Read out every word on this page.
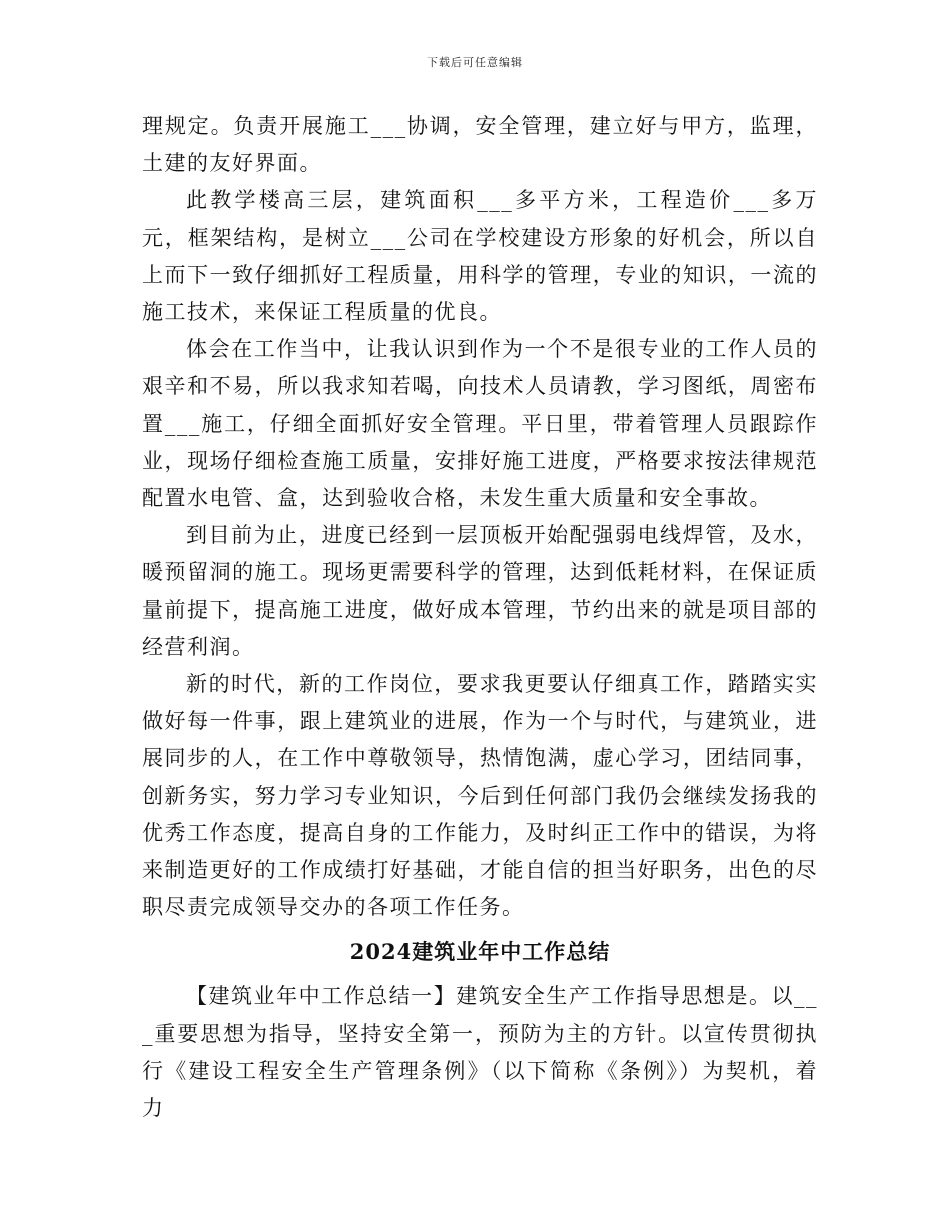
下载后可任意编辑

理规定。负责开展施工___协调，安全管理，建立好与甲方，监理，土建的友好界面。

此教学楼高三层，建筑面积___多平方米，工程造价___多万元，框架结构，是树立___公司在学校建设方形象的好机会，所以自上而下一致仔细抓好工程质量，用科学的管理，专业的知识，一流的施工技术，来保证工程质量的优良。

体会在工作当中，让我认识到作为一个不是很专业的工作人员的艰辛和不易，所以我求知若喝，向技术人员请教，学习图纸，周密布置___施工，仔细全面抓好安全管理。平日里，带着管理人员跟踪作业，现场仔细检查施工质量，安排好施工进度，严格要求按法律规范配置水电管、盒，达到验收合格，未发生重大质量和安全事故。

到目前为止，进度已经到一层顶板开始配强弱电线焊管，及水，暖预留洞的施工。现场更需要科学的管理，达到低耗材料，在保证质量前提下，提高施工进度，做好成本管理，节约出来的就是项目部的经营利润。

新的时代，新的工作岗位，要求我更要认仔细真工作，踏踏实实做好每一件事，跟上建筑业的进展，作为一个与时代，与建筑业，进展同步的人，在工作中尊敬领导，热情饱满，虚心学习，团结同事，创新务实，努力学习专业知识，今后到任何部门我仍会继续发扬我的优秀工作态度，提高自身的工作能力，及时纠正工作中的错误，为将来制造更好的工作成绩打好基础，才能自信的担当好职务，出色的尽职尽责完成领导交办的各项工作任务。

2024建筑业年中工作总结

【建筑业年中工作总结一】建筑安全生产工作指导思想是。以___重要思想为指导，坚持安全第一，预防为主的方针。以宣传贯彻执行《建设工程安全生产管理条例》（以下简称《条例》）为契机，着力
